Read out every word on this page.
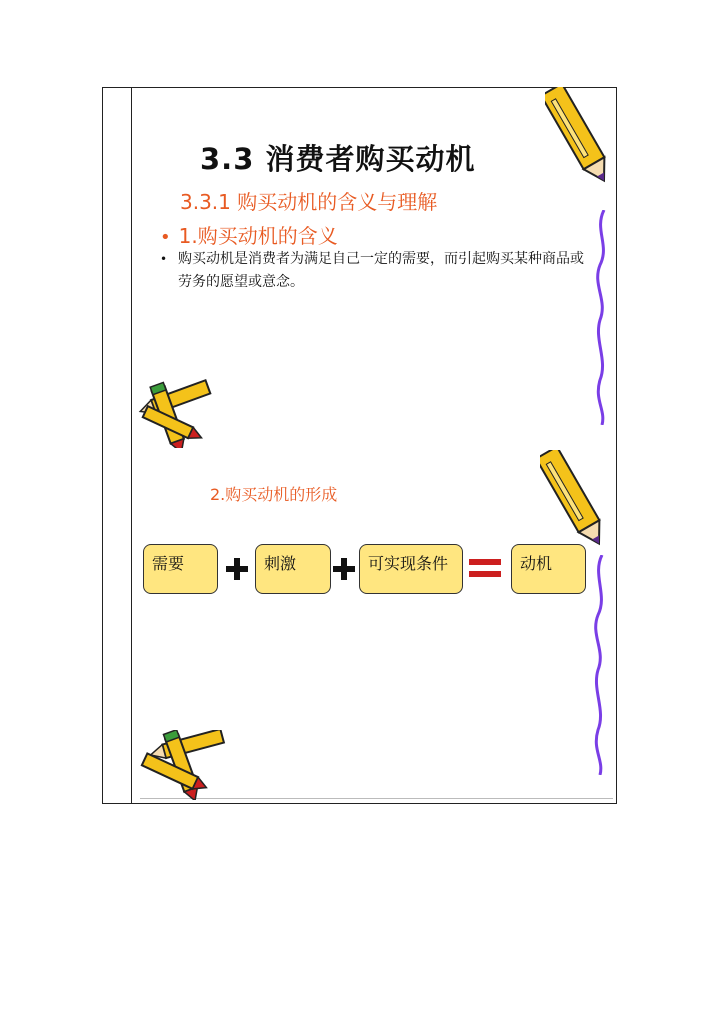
3.3 消费者购买动机
3.3.1 购买动机的含义与理解
• 1.购买动机的含义
• 购买动机是消费者为满足自己一定的需要，而引起购买某种商品或劳务的愿望或意念。
2.购买动机的形成
需要	刺激	可实现条件	动机
